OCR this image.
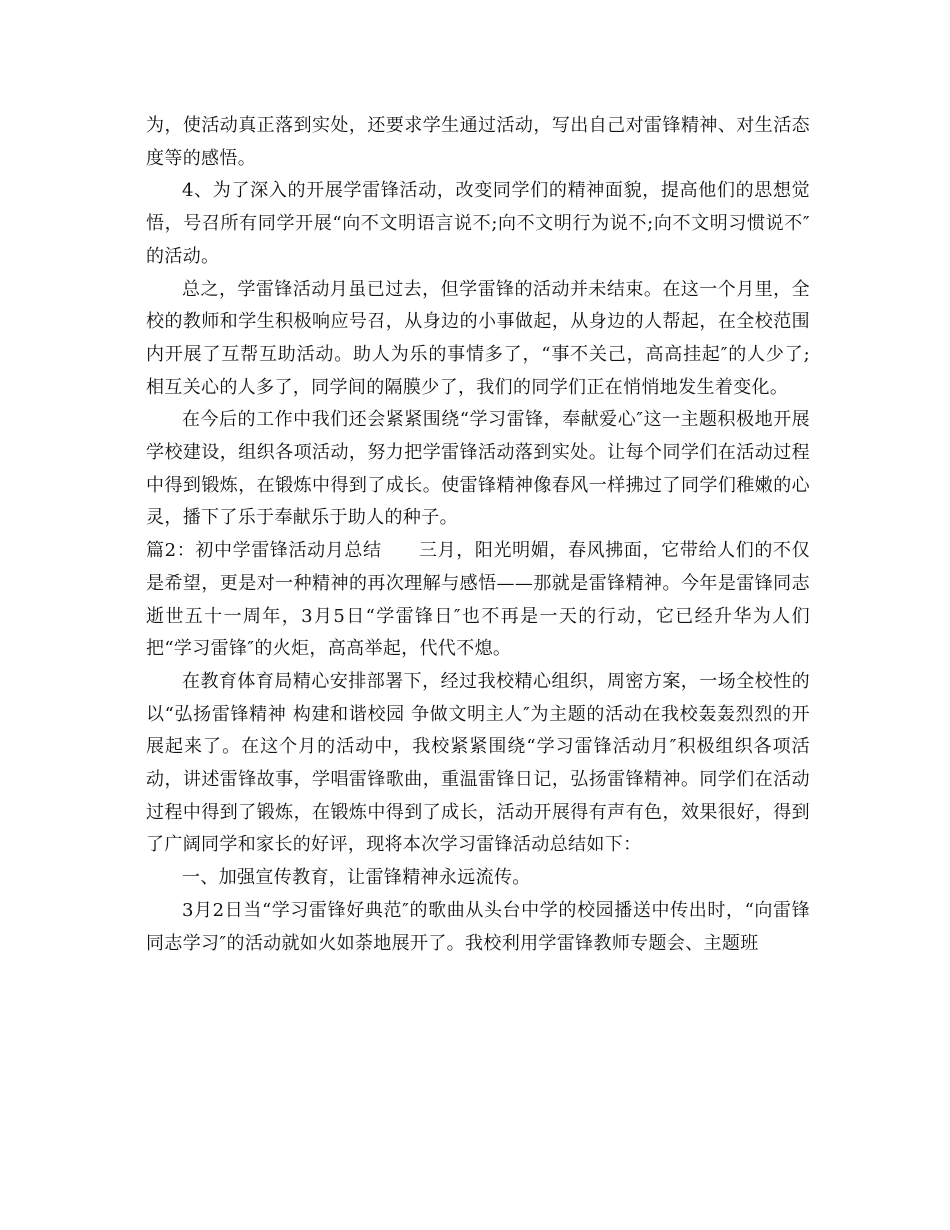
为，使活动真正落到实处，还要求学生通过活动，写出自己对雷锋精神、对生活态度等的感悟。

4、为了深入的开展学雷锋活动，改变同学们的精神面貌，提高他们的思想觉悟，号召所有同学开展“向不文明语言说不;向不文明行为说不;向不文明习惯说不″的活动。

总之，学雷锋活动月虽已过去，但学雷锋的活动并未结束。在这一个月里，全校的教师和学生积极响应号召，从身边的小事做起，从身边的人帮起，在全校范围内开展了互帮互助活动。助人为乐的事情多了，“事不关己，高高挂起″的人少了;相互关心的人多了，同学间的隔膜少了，我们的同学们正在悄悄地发生着变化。

在今后的工作中我们还会紧紧围绕“学习雷锋，奉献爱心″这一主题积极地开展学校建设，组织各项活动，努力把学雷锋活动落到实处。让每个同学们在活动过程中得到锻炼，在锻炼中得到了成长。使雷锋精神像春风一样拂过了同学们稚嫩的心灵，播下了乐于奉献乐于助人的种子。

篇2：初中学雷锋活动月总结　　三月，阳光明媚，春风拂面，它带给人们的不仅是希望，更是对一种精神的再次理解与感悟——那就是雷锋精神。今年是雷锋同志逝世五十一周年，3月5日“学雷锋日″也不再是一天的行动，它已经升华为人们把“学习雷锋″的火炬，高高举起，代代不熄。

在教育体育局精心安排部署下，经过我校精心组织，周密方案，一场全校性的以“弘扬雷锋精神 构建和谐校园 争做文明主人″为主题的活动在我校轰轰烈烈的开展起来了。在这个月的活动中，我校紧紧围绕“学习雷锋活动月″积极组织各项活动，讲述雷锋故事，学唱雷锋歌曲，重温雷锋日记，弘扬雷锋精神。同学们在活动过程中得到了锻炼，在锻炼中得到了成长，活动开展得有声有色，效果很好，得到了广阔同学和家长的好评，现将本次学习雷锋活动总结如下：

一、加强宣传教育，让雷锋精神永远流传。

3月2日当“学习雷锋好典范″的歌曲从头台中学的校园播送中传出时，“向雷锋同志学习″的活动就如火如荼地展开了。我校利用学雷锋教师专题会、主题班
